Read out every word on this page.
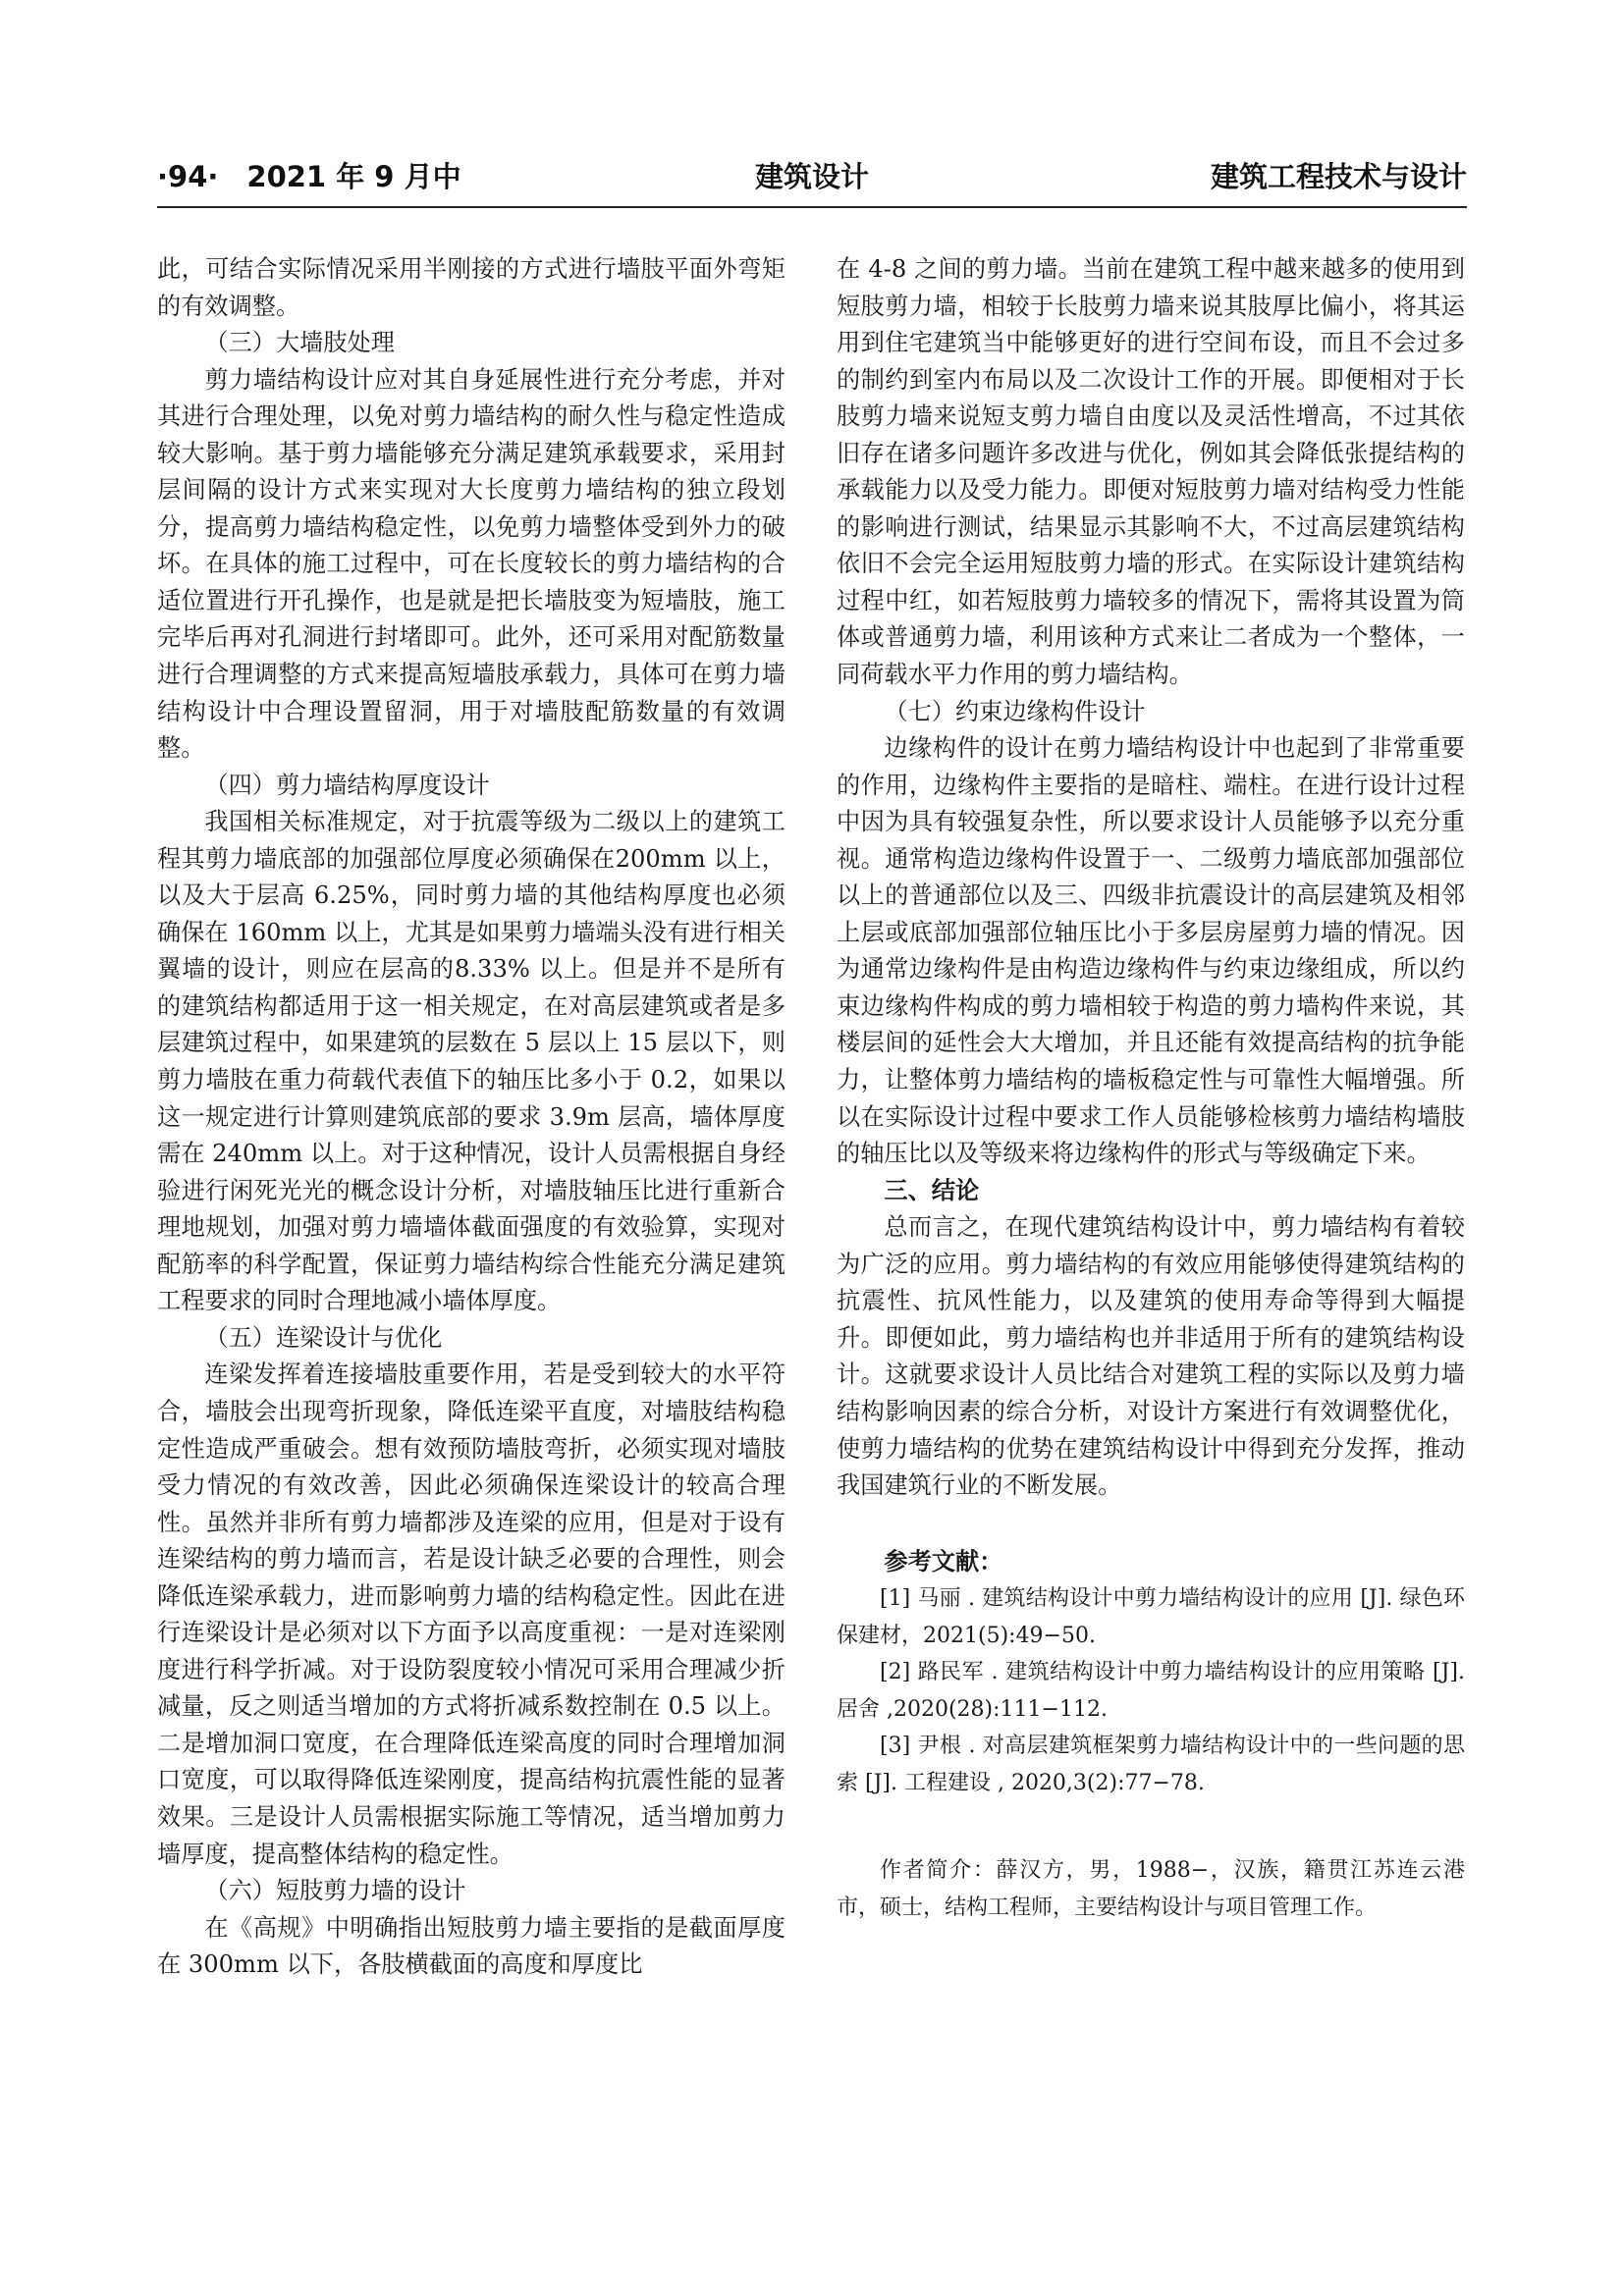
·94·　2021 年 9 月中	建筑设计	建筑工程技术与设计

此，可结合实际情况采用半刚接的方式进行墙肢平面外弯矩的有效调整。

（三）大墙肢处理

剪力墙结构设计应对其自身延展性进行充分考虑，并对其进行合理处理，以免对剪力墙结构的耐久性与稳定性造成较大影响。基于剪力墙能够充分满足建筑承载要求，采用封层间隔的设计方式来实现对大长度剪力墙结构的独立段划分，提高剪力墙结构稳定性，以免剪力墙整体受到外力的破坏。在具体的施工过程中，可在长度较长的剪力墙结构的合适位置进行开孔操作，也是就是把长墙肢变为短墙肢，施工完毕后再对孔洞进行封堵即可。此外，还可采用对配筋数量进行合理调整的方式来提高短墙肢承载力，具体可在剪力墙结构设计中合理设置留洞，用于对墙肢配筋数量的有效调整。

（四）剪力墙结构厚度设计

我国相关标准规定，对于抗震等级为二级以上的建筑工程其剪力墙底部的加强部位厚度必须确保在200mm 以上，以及大于层高 6.25%，同时剪力墙的其他结构厚度也必须确保在 160mm 以上，尤其是如果剪力墙端头没有进行相关翼墙的设计，则应在层高的8.33% 以上。但是并不是所有的建筑结构都适用于这一相关规定，在对高层建筑或者是多层建筑过程中，如果建筑的层数在 5 层以上 15 层以下，则剪力墙肢在重力荷载代表值下的轴压比多小于 0.2，如果以这一规定进行计算则建筑底部的要求 3.9m 层高，墙体厚度需在 240mm 以上。对于这种情况，设计人员需根据自身经验进行闲死光光的概念设计分析，对墙肢轴压比进行重新合理地规划，加强对剪力墙墙体截面强度的有效验算，实现对配筋率的科学配置，保证剪力墙结构综合性能充分满足建筑工程要求的同时合理地减小墙体厚度。

（五）连梁设计与优化

连梁发挥着连接墙肢重要作用，若是受到较大的水平符合，墙肢会出现弯折现象，降低连梁平直度，对墙肢结构稳定性造成严重破会。想有效预防墙肢弯折，必须实现对墙肢受力情况的有效改善，因此必须确保连梁设计的较高合理性。虽然并非所有剪力墙都涉及连梁的应用，但是对于设有连梁结构的剪力墙而言，若是设计缺乏必要的合理性，则会降低连梁承载力，进而影响剪力墙的结构稳定性。因此在进行连梁设计是必须对以下方面予以高度重视：一是对连梁刚度进行科学折减。对于设防裂度较小情况可采用合理减少折减量，反之则适当增加的方式将折减系数控制在 0.5 以上。二是增加洞口宽度，在合理降低连梁高度的同时合理增加洞口宽度，可以取得降低连梁刚度，提高结构抗震性能的显著效果。三是设计人员需根据实际施工等情况，适当增加剪力墙厚度，提高整体结构的稳定性。

（六）短肢剪力墙的设计

在《高规》中明确指出短肢剪力墙主要指的是截面厚度在 300mm 以下，各肢横截面的高度和厚度比

在 4-8 之间的剪力墙。当前在建筑工程中越来越多的使用到短肢剪力墙，相较于长肢剪力墙来说其肢厚比偏小，将其运用到住宅建筑当中能够更好的进行空间布设，而且不会过多的制约到室内布局以及二次设计工作的开展。即便相对于长肢剪力墙来说短支剪力墙自由度以及灵活性增高，不过其依旧存在诸多问题许多改进与优化，例如其会降低张提结构的承载能力以及受力能力。即便对短肢剪力墙对结构受力性能的影响进行测试，结果显示其影响不大，不过高层建筑结构依旧不会完全运用短肢剪力墙的形式。在实际设计建筑结构过程中红，如若短肢剪力墙较多的情况下，需将其设置为筒体或普通剪力墙，利用该种方式来让二者成为一个整体，一同荷载水平力作用的剪力墙结构。

（七）约束边缘构件设计

边缘构件的设计在剪力墙结构设计中也起到了非常重要的作用，边缘构件主要指的是暗柱、端柱。在进行设计过程中因为具有较强复杂性，所以要求设计人员能够予以充分重视。通常构造边缘构件设置于一、二级剪力墙底部加强部位以上的普通部位以及三、四级非抗震设计的高层建筑及相邻上层或底部加强部位轴压比小于多层房屋剪力墙的情况。因为通常边缘构件是由构造边缘构件与约束边缘组成，所以约束边缘构件构成的剪力墙相较于构造的剪力墙构件来说，其楼层间的延性会大大增加，并且还能有效提高结构的抗争能力，让整体剪力墙结构的墙板稳定性与可靠性大幅增强。所以在实际设计过程中要求工作人员能够检核剪力墙结构墙肢的轴压比以及等级来将边缘构件的形式与等级确定下来。

三、结论

总而言之，在现代建筑结构设计中，剪力墙结构有着较为广泛的应用。剪力墙结构的有效应用能够使得建筑结构的抗震性、抗风性能力，以及建筑的使用寿命等得到大幅提升。即便如此，剪力墙结构也并非适用于所有的建筑结构设计。这就要求设计人员比结合对建筑工程的实际以及剪力墙结构影响因素的综合分析，对设计方案进行有效调整优化，使剪力墙结构的优势在建筑结构设计中得到充分发挥，推动我国建筑行业的不断发展。

参考文献：

[1] 马丽 . 建筑结构设计中剪力墙结构设计的应用 [J]. 绿色环保建材，2021(5):49−50.

[2] 路民军 . 建筑结构设计中剪力墙结构设计的应用策略 [J]. 居舍 ,2020(28):111−112.

[3] 尹根 . 对高层建筑框架剪力墙结构设计中的一些问题的思索 [J]. 工程建设 , 2020,3(2):77−78.

作者简介：薛汉方，男，1988−，汉族，籍贯江苏连云港市，硕士，结构工程师，主要结构设计与项目管理工作。
